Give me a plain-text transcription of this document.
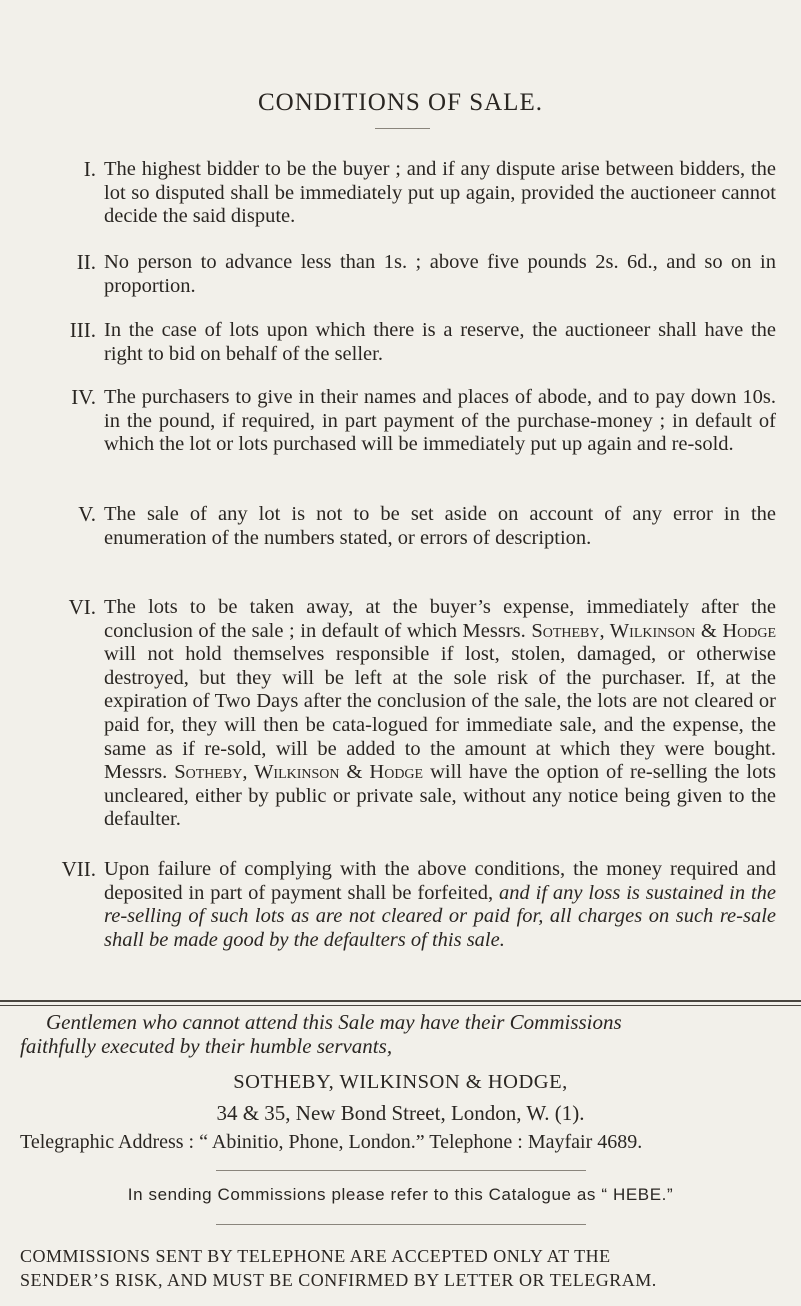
CONDITIONS OF SALE.
I. The highest bidder to be the buyer ; and if any dispute arise between bidders, the lot so disputed shall be immediately put up again, provided the auctioneer cannot decide the said dispute.
II. No person to advance less than 1s. ; above five pounds 2s. 6d., and so on in proportion.
III. In the case of lots upon which there is a reserve, the auctioneer shall have the right to bid on behalf of the seller.
IV. The purchasers to give in their names and places of abode, and to pay down 10s. in the pound, if required, in part payment of the purchase-money ; in default of which the lot or lots purchased will be immediately put up again and re-sold.
V. The sale of any lot is not to be set aside on account of any error in the enumeration of the numbers stated, or errors of description.
VI. The lots to be taken away, at the buyer’s expense, immediately after the conclusion of the sale ; in default of which Messrs. Sotheby, Wilkinson & Hodge will not hold themselves responsible if lost, stolen, damaged, or otherwise destroyed, but they will be left at the sole risk of the purchaser. If, at the expiration of Two Days after the conclusion of the sale, the lots are not cleared or paid for, they will then be cata-logued for immediate sale, and the expense, the same as if re-sold, will be added to the amount at which they were bought. Messrs. Sotheby, Wilkinson & Hodge will have the option of re-selling the lots uncleared, either by public or private sale, without any notice being given to the defaulter.
VII. Upon failure of complying with the above conditions, the money required and deposited in part of payment shall be forfeited, and if any loss is sustained in the re-selling of such lots as are not cleared or paid for, all charges on such re-sale shall be made good by the defaulters of this sale.
Gentlemen who cannot attend this Sale may have their Commissions
faithfully executed by their humble servants,
SOTHEBY, WILKINSON & HODGE,
34 & 35, New Bond Street, London, W. (1).
Telegraphic Address : “ Abinitio, Phone, London.” Telephone : Mayfair 4689.
In sending Commissions please refer to this Catalogue as “ HEBE.”
COMMISSIONS SENT BY TELEPHONE ARE ACCEPTED ONLY AT THE
SENDER’S RISK, AND MUST BE CONFIRMED BY LETTER OR TELEGRAM.
